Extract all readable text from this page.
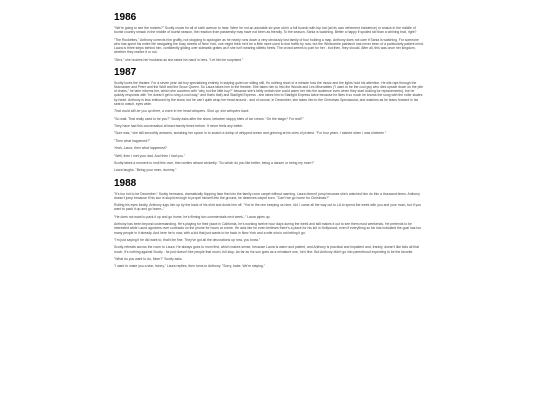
1986

"We're going to see the rockets?" Scotty crows for all of sixth avenue to hear. Were he not an adorable six year old in a full tuxedo with top hat (at his own vehement insistence) or smack in the middle of tourist country smack in the middle of tourist season, the reaction from passersby may have not been as friendly. To the season, Sania is watching. Better a happy if spoiled kid than a whining brat, right?

"The Rockettes," Anthony corrects him gruffly, not stopping to apologize as he nearly runs down a very obviously lost family of four holding a map. Anthony does not care if Sania is watching. For someone who has spent his entire life navigating the busy streets of New York, one might think he'd be a little more used to foot traffic by now, but the Whitcombe patriarch has never been of a particularly patient mind. Laura is three steps behind him, confidently gliding over sidewalk grates as if she isn't wearing stiletto heels. The crowd seems to part for her - but then, they should. After all, this was once her kingdom, whether they realize it or not.

"Sirrs," she hushes her husband as she takes his hand in hers. "Let him be surprised."

1987

Scotty loves the theatre. For a seven year old boy specializing entirely in staying quiet nor sitting still, it's nothing short of a miracle how the music and the lights hold his attention. He sits rapt through the Nutcracker and Peter and the Wolf and the Snow Queen. So Laura takes him to the theatre. She takes him to Into the Woods and Les Miserables ("I want to be the cool guy who dies upside down on the pile of chairs," he later informs her, which she counters with "why not the little boy?" because she's fairly certain she could warm her into the audience even when they start looking for replacements), but he quickly responds with "he doesn't get to sing a cool way," and that's that) and Starlight Express - she takes him to Starlight Express twice because he likes it so much he knows the song with the roller skates by heart. Anthony is less enthused by the show, but he can't quite wrap her head around - and of course, in December, she takes him to the Christmas Spectacular, and watches as he leans forward in his seat to watch, eyes wide.

That could still be you up there, a voice in her head whispers. Shut up, she whispers back.

"So wait. That really used to be you?" Scotty asks after the show, between sloppy bites of ice cream. "On the stage? For real?"

They have had this conversation at least twenty times before. It never feels any better.

"Sure was," she still smoothly answers, sneaking her spoon in to snatch a dollop of whipped cream and grinning at his cries of protest. "For four years. I started when I was nineteen."

"Then what happened?"

Yeah, Laura, then what happened?

"Well, then I met your dad. And then I had you."

Scotty takes a moment to mull this over, then smiles almost wickedly. "So which do you like better, being a dancer or being my mom?"

Laura laughs. "Being your mom, dummy."

1988

"It's too hot to be December," Scotty bemoans, dramatically flopping face first into the family room carpet without warning. Laura doesn't jump because she's watched him do this a thousand times. Anthony doesn't jump because if his son is stupid enough to propel himself into the ground, he deserves carpet burn. "Can't we go home for Christmas?"

Rolling his eyes fondly, Anthony tugs him up by the back of his shirt and dusts him off. "You're the one keeping us here, kid. I came all the way out to LA to spend the week with you and your mom, but if you want to pack it up and go home--"

"He does not want to pack it up and go home, he's filming two commercials next week--" Laura pipes up.

Anthony has been beyond understanding. He's playing for their place in California, he's working twelve hour days during the week and still makes it out to see them most weekends. He pretends to be interested while Laura agonizes over contracts on the phone for hours at a time. He acts like he even believes there's a place for his kid in Hollywood, even if everything so far has indicated the goal has too many people in it already. And here he is now, with a kid that just wants to be back in New York and a wife who's not letting it go.

"I'm just saying if he did want to, that'd be fine. They've got all the decorations up now, you know."

Scotty retreats across the room to Laura. He always goes to mom first, which makes sense, because Laura is warm and patient, and Anthony is practical and impatient and, frankly, doesn't like kids all that much. It's nothing against Scotty - he just doesn't like people that much, full stop. As far as his son goes as a miniature one, he's fine. But Anthony didn't go into parenthood expecting to be the favorite.

"What do you want to do, Mom?" Scotty asks.

"I want to make you a star, honey," Laura replies, then turns to Anthony. "Sorry, babe. We're staying."
